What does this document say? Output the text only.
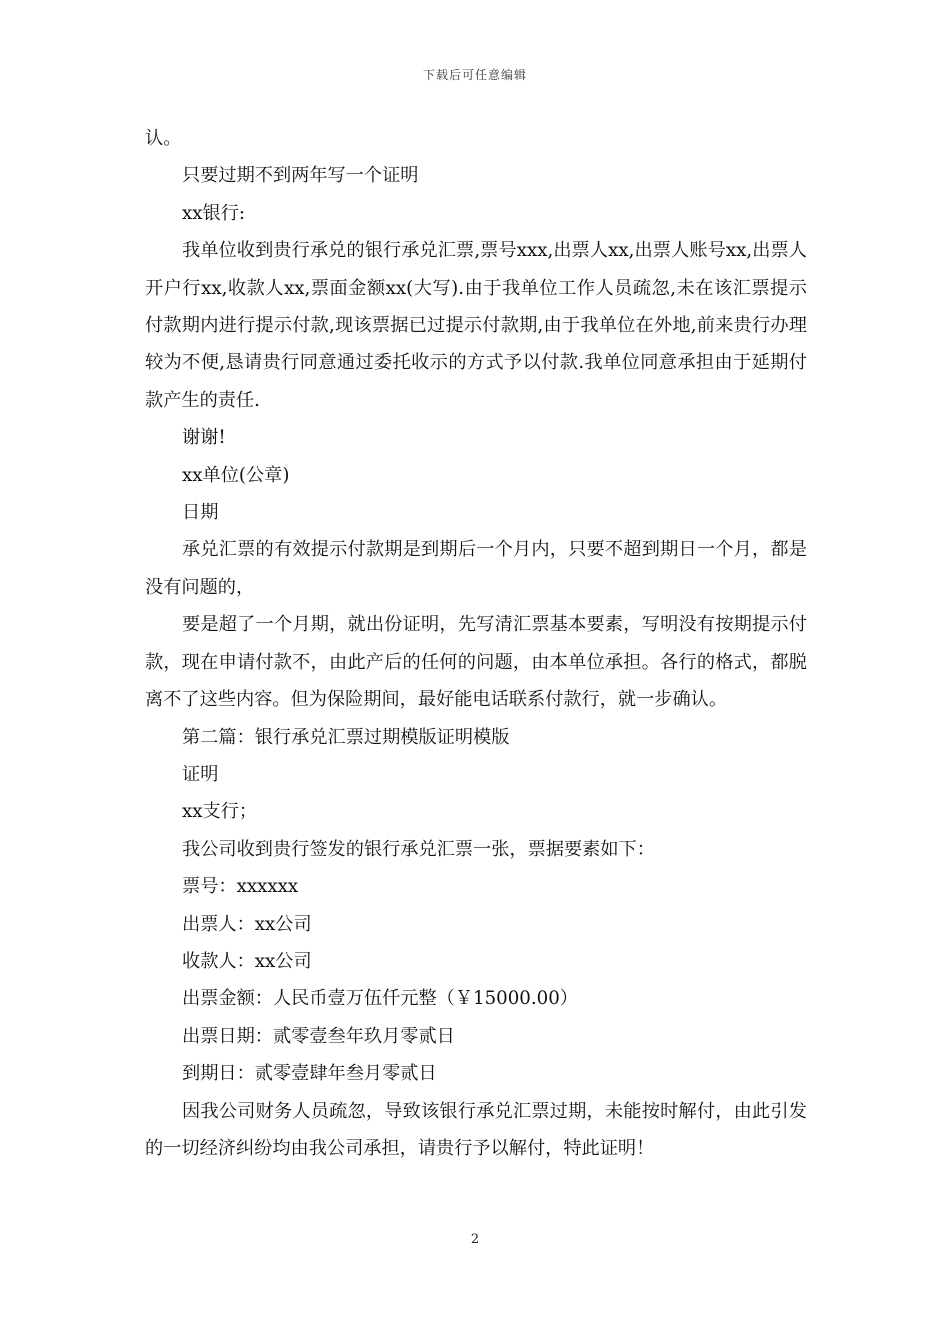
下载后可任意编辑

认。

只要过期不到两年写一个证明

xx银行:

我单位收到贵行承兑的银行承兑汇票,票号xxx,出票人xx,出票人账号xx,出票人开户行xx,收款人xx,票面金额xx(大写).由于我单位工作人员疏忽,未在该汇票提示付款期内进行提示付款,现该票据已过提示付款期,由于我单位在外地,前来贵行办理较为不便,恳请贵行同意通过委托收示的方式予以付款.我单位同意承担由于延期付款产生的责任.

谢谢!

xx单位(公章)

日期

承兑汇票的有效提示付款期是到期后一个月内，只要不超到期日一个月，都是没有问题的，

要是超了一个月期，就出份证明，先写清汇票基本要素，写明没有按期提示付款，现在申请付款不，由此产后的任何的问题，由本单位承担。各行的格式，都脱离不了这些内容。但为保险期间，最好能电话联系付款行，就一步确认。

第二篇：银行承兑汇票过期模版证明模版

证明

xx支行；

我公司收到贵行签发的银行承兑汇票一张，票据要素如下：

票号：xxxxxx

出票人：xx公司

收款人：xx公司

出票金额：人民币壹万伍仟元整（￥15000.00）

出票日期：贰零壹叁年玖月零贰日

到期日：贰零壹肆年叁月零贰日

因我公司财务人员疏忽，导致该银行承兑汇票过期，未能按时解付，由此引发的一切经济纠纷均由我公司承担，请贵行予以解付，特此证明！

2
